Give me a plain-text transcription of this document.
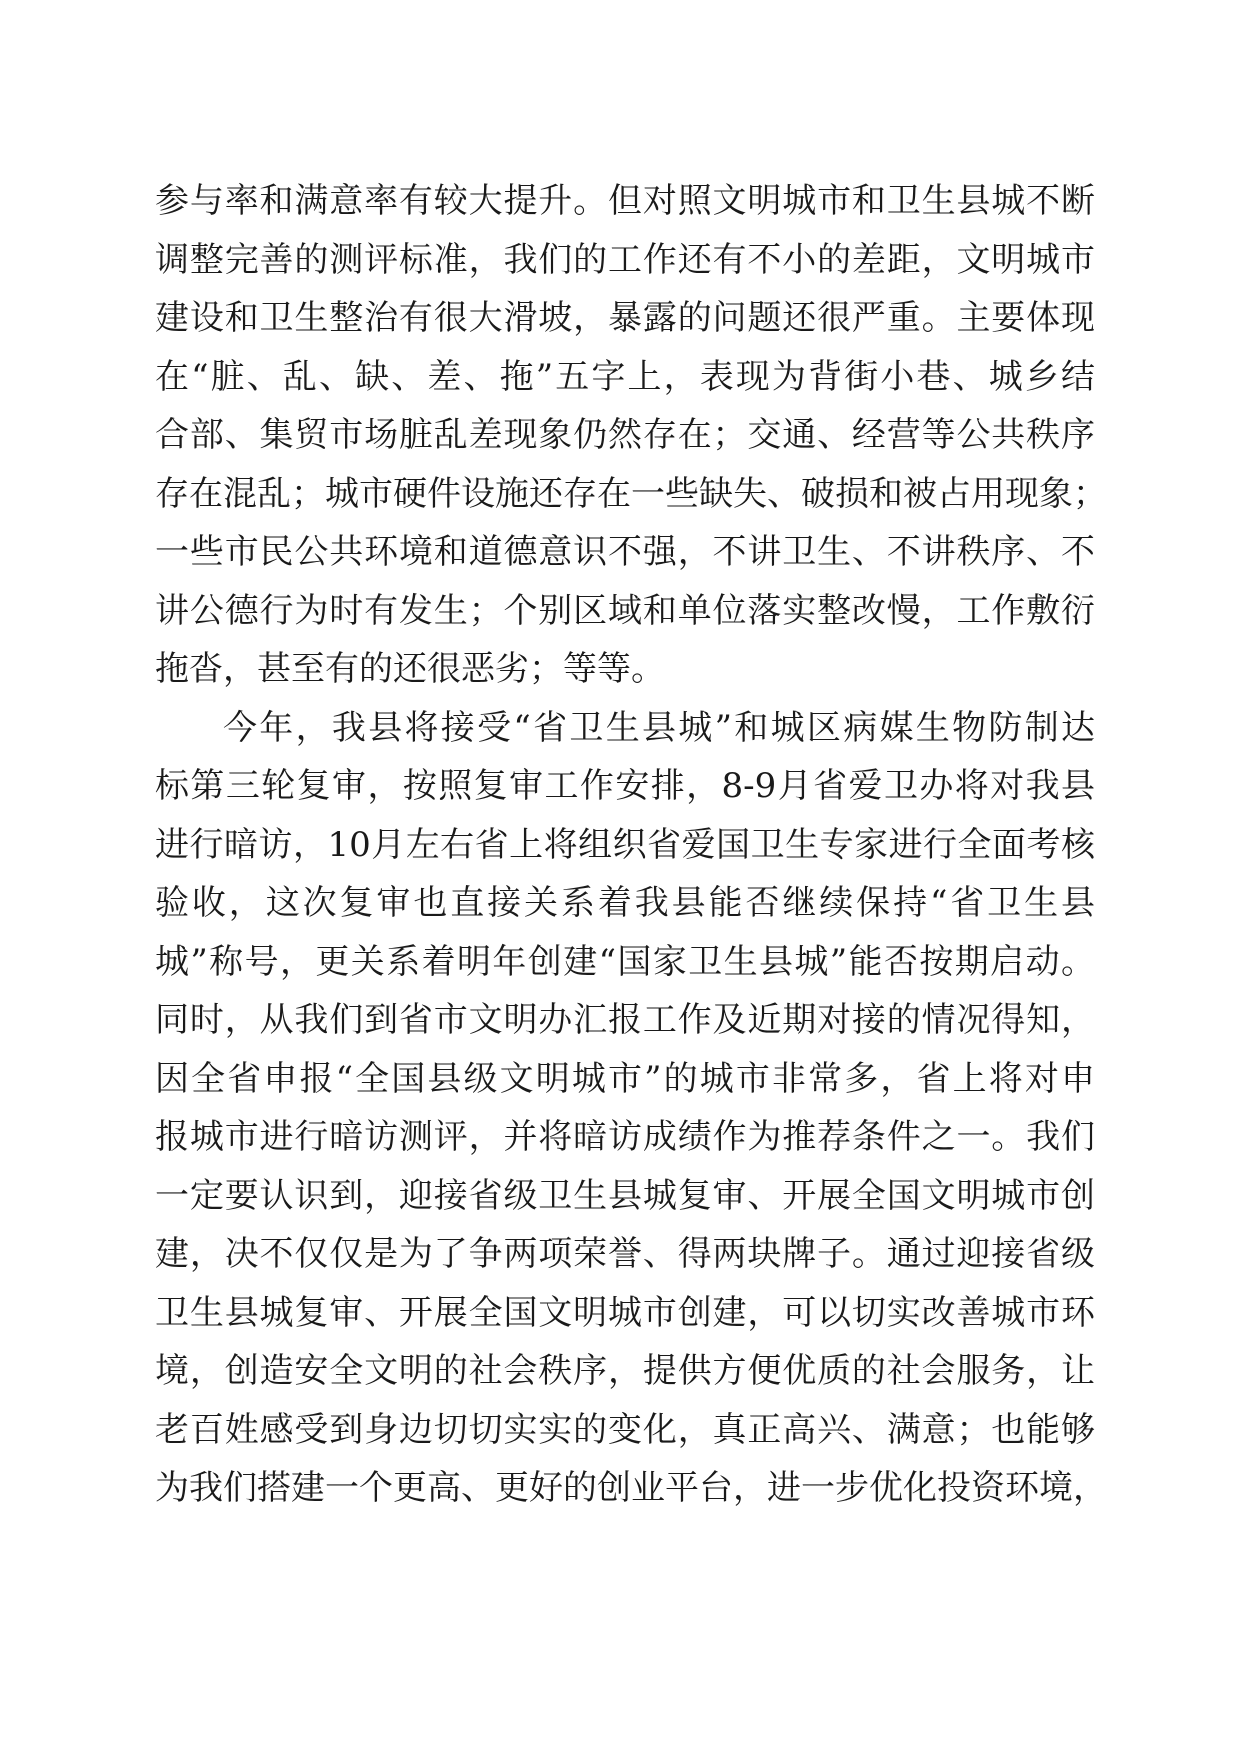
参与率和满意率有较大提升。但对照文明城市和卫生县城不断
调整完善的测评标准，我们的工作还有不小的差距，文明城市
建设和卫生整治有很大滑坡，暴露的问题还很严重。主要体现
在“脏、乱、缺、差、拖”五字上，表现为背街小巷、城乡结
合部、集贸市场脏乱差现象仍然存在；交通、经营等公共秩序
存在混乱；城市硬件设施还存在一些缺失、破损和被占用现象；
一些市民公共环境和道德意识不强，不讲卫生、不讲秩序、不
讲公德行为时有发生；个别区域和单位落实整改慢，工作敷衍
拖沓，甚至有的还很恶劣；等等。
今年，我县将接受“省卫生县城”和城区病媒生物防制达
标第三轮复审，按照复审工作安排，8-9月省爱卫办将对我县
进行暗访，10月左右省上将组织省爱国卫生专家进行全面考核
验收，这次复审也直接关系着我县能否继续保持“省卫生县
城”称号，更关系着明年创建“国家卫生县城”能否按期启动。
同时，从我们到省市文明办汇报工作及近期对接的情况得知，
因全省申报“全国县级文明城市”的城市非常多，省上将对申
报城市进行暗访测评，并将暗访成绩作为推荐条件之一。我们
一定要认识到，迎接省级卫生县城复审、开展全国文明城市创
建，决不仅仅是为了争两项荣誉、得两块牌子。通过迎接省级
卫生县城复审、开展全国文明城市创建，可以切实改善城市环
境，创造安全文明的社会秩序，提供方便优质的社会服务，让
老百姓感受到身边切切实实的变化，真正高兴、满意；也能够
为我们搭建一个更高、更好的创业平台，进一步优化投资环境，
